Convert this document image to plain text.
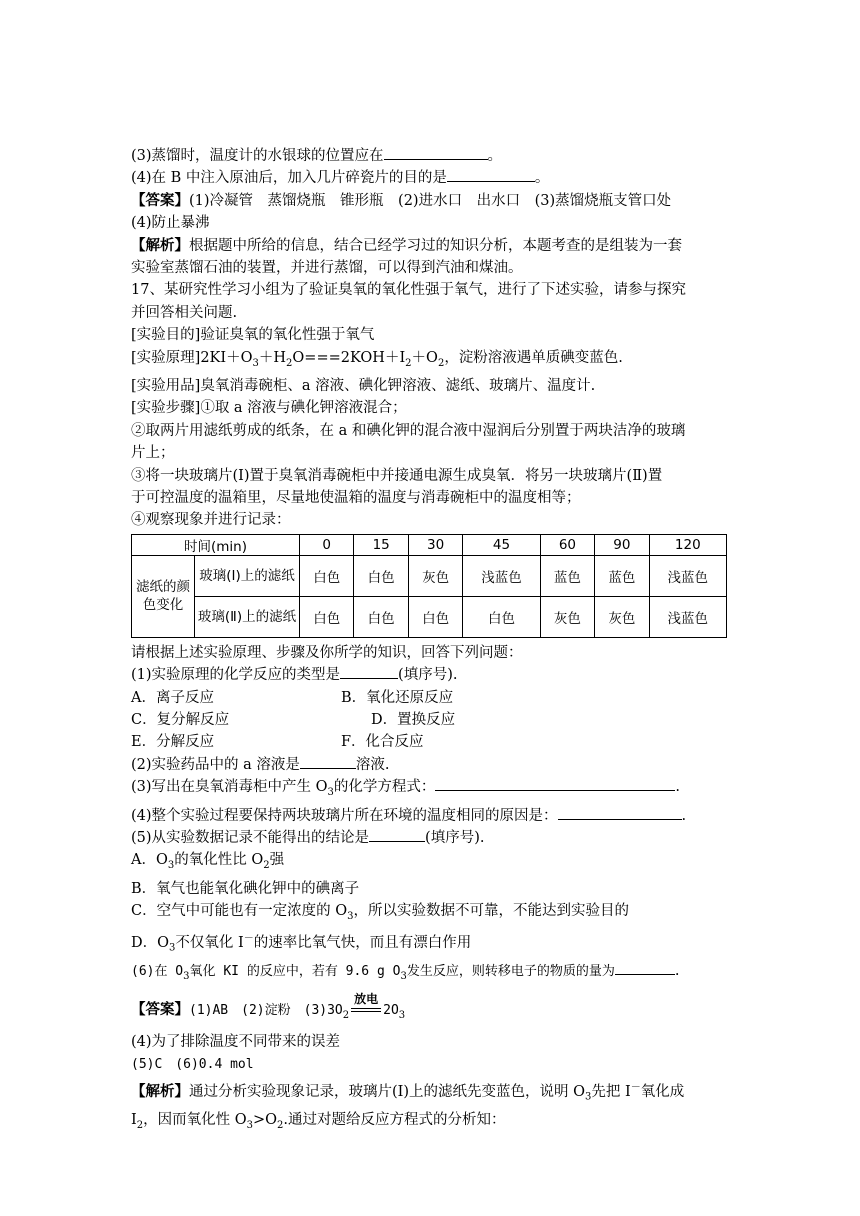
(3)蒸馏时，温度计的水银球的位置应在	。
(4)在 B 中注入原油后，加入几片碎瓷片的目的是	。
【答案】(1)冷凝管　蒸馏烧瓶　锥形瓶　(2)进水口　出水口　(3)蒸馏烧瓶支管口处
(4)防止暴沸
【解析】根据题中所给的信息，结合已经学习过的知识分析，本题考查的是组装为一套
实验室蒸馏石油的装置，并进行蒸馏，可以得到汽油和煤油。
17、某研究性学习小组为了验证臭氧的氧化性强于氧气，进行了下述实验，请参与探究
并回答相关问题.
[实验目的]验证臭氧的氧化性强于氧气
[实验原理]$2KI+O_3+H_2O===2KOH+I_2+O_2$，淀粉溶液遇单质碘变蓝色.
[实验用品]臭氧消毒碗柜、a 溶液、碘化钾溶液、滤纸、玻璃片、温度计.
[实验步骤]①取 a 溶液与碘化钾溶液混合；
②取两片用滤纸剪成的纸条，在 a 和碘化钾的混合液中湿润后分别置于两块洁净的玻璃
片上；
③将一块玻璃片(Ⅰ)置于臭氧消毒碗柜中并接通电源生成臭氧．将另一块玻璃片(Ⅱ)置
于可控温度的温箱里，尽量地使温箱的温度与消毒碗柜中的温度相等；
④观察现象并进行记录：
时间(min)		0	15	30	45	60	90	120
滤纸的颜色变化	玻璃(Ⅰ)上的滤纸	白色	白色	灰色	浅蓝色	蓝色	蓝色	浅蓝色
	玻璃(Ⅱ)上的滤纸	白色	白色	白色	白色	灰色	灰色	浅蓝色
请根据上述实验原理、步骤及你所学的知识，回答下列问题：
(1)实验原理的化学反应的类型是	(填序号).
A．离子反应	B．氧化还原反应
C．复分解反应	D．置换反应
E．分解反应	F．化合反应
(2)实验药品中的 a 溶液是	溶液.
(3)写出在臭氧消毒柜中产生 $O_3$的化学方程式：	.
(4)整个实验过程要保持两块玻璃片所在环境的温度相同的原因是：	.
(5)从实验数据记录不能得出的结论是	(填序号).
A．$O_3$的氧化性比 $O_2$强
B．氧气也能氧化碘化钾中的碘离子
C．空气中可能也有一定浓度的 $O_3$，所以实验数据不可靠，不能达到实验目的
D．$O_3$不仅氧化 I－的速率比氧气快，而且有漂白作用
(6)在 $O_3$氧化 KI 的反应中，若有 9.6 g $O_3$发生反应，则转移电子的物质的量为	.
【答案】(1)AB　(2)淀粉　$(3)3O_2$
放电
$2O_3$
(4)为了排除温度不同带来的误差
(5)C　(6)0.4 mol
【解析】通过分析实验现象记录，玻璃片(Ⅰ)上的滤纸先变蓝色，说明 $O_3$先把 I－氧化成
$I_2$，因而氧化性 $O_3>O_2$.通过对题给反应方程式的分析知：
